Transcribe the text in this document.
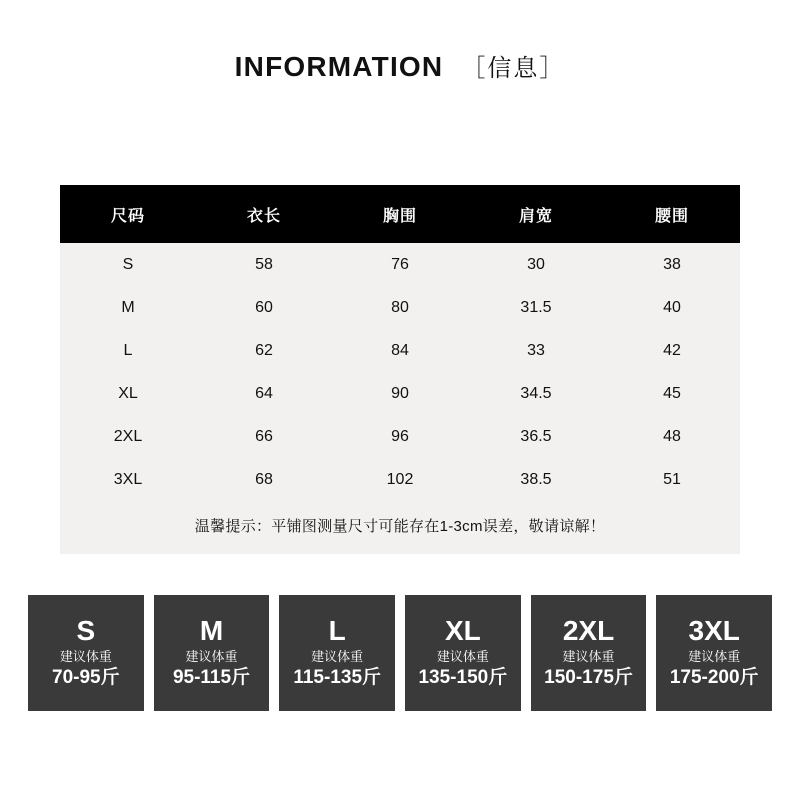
INFORMATION ［信息］
尺码	衣长	胸围	肩宽	腰围
S	58	76	30	38
M	60	80	31.5	40
L	62	84	33	42
XL	64	90	34.5	45
2XL	66	96	36.5	48
3XL	68	102	38.5	51
温馨提示：平铺图测量尺寸可能存在1-3cm误差，敬请谅解！
S
建议体重
70-95斤
M
建议体重
95-115斤
L
建议体重
115-135斤
XL
建议体重
135-150斤
2XL
建议体重
150-175斤
3XL
建议体重
175-200斤
